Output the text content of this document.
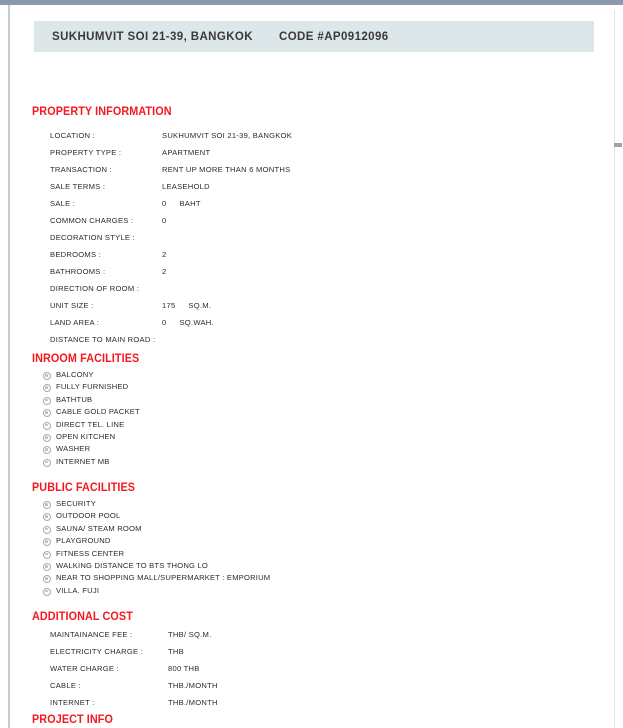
SUKHUMVIT SOI 21-39, BANGKOK CODE #AP0912096
PROPERTY INFORMATION
LOCATION :	SUKHUMVIT SOI 21-39, BANGKOK
PROPERTY TYPE :	APARTMENT
TRANSACTION :	RENT UP MORE THAN 6 MONTHS
SALE TERMS :	LEASEHOLD
SALE :	0 BAHT
COMMON CHARGES :	0
DECORATION STYLE :
BEDROOMS :	2
BATHROOMS :	2
DIRECTION OF ROOM :
UNIT SIZE :	175 SQ.M.
LAND AREA :	0 SQ.WAH.
DISTANCE TO MAIN ROAD :
INROOM FACILITIES
BALCONY
FULLY FURNISHED
BATHTUB
CABLE GOLD PACKET
DIRECT TEL. LINE
OPEN KITCHEN
WASHER
INTERNET MB
PUBLIC FACILITIES
SECURITY
OUTDOOR POOL
SAUNA/ STEAM ROOM
PLAYGROUND
FITNESS CENTER
WALKING DISTANCE TO BTS THONG LO
NEAR TO SHOPPING MALL/SUPERMARKET : EMPORIUM
VILLA. FUJI
ADDITIONAL COST
MAINTAINANCE FEE :	THB/ SQ.M.
ELECTRICITY CHARGE :	THB
WATER CHARGE :	800 THB
CABLE :	THB./MONTH
INTERNET :	THB./MONTH
PROJECT INFO
